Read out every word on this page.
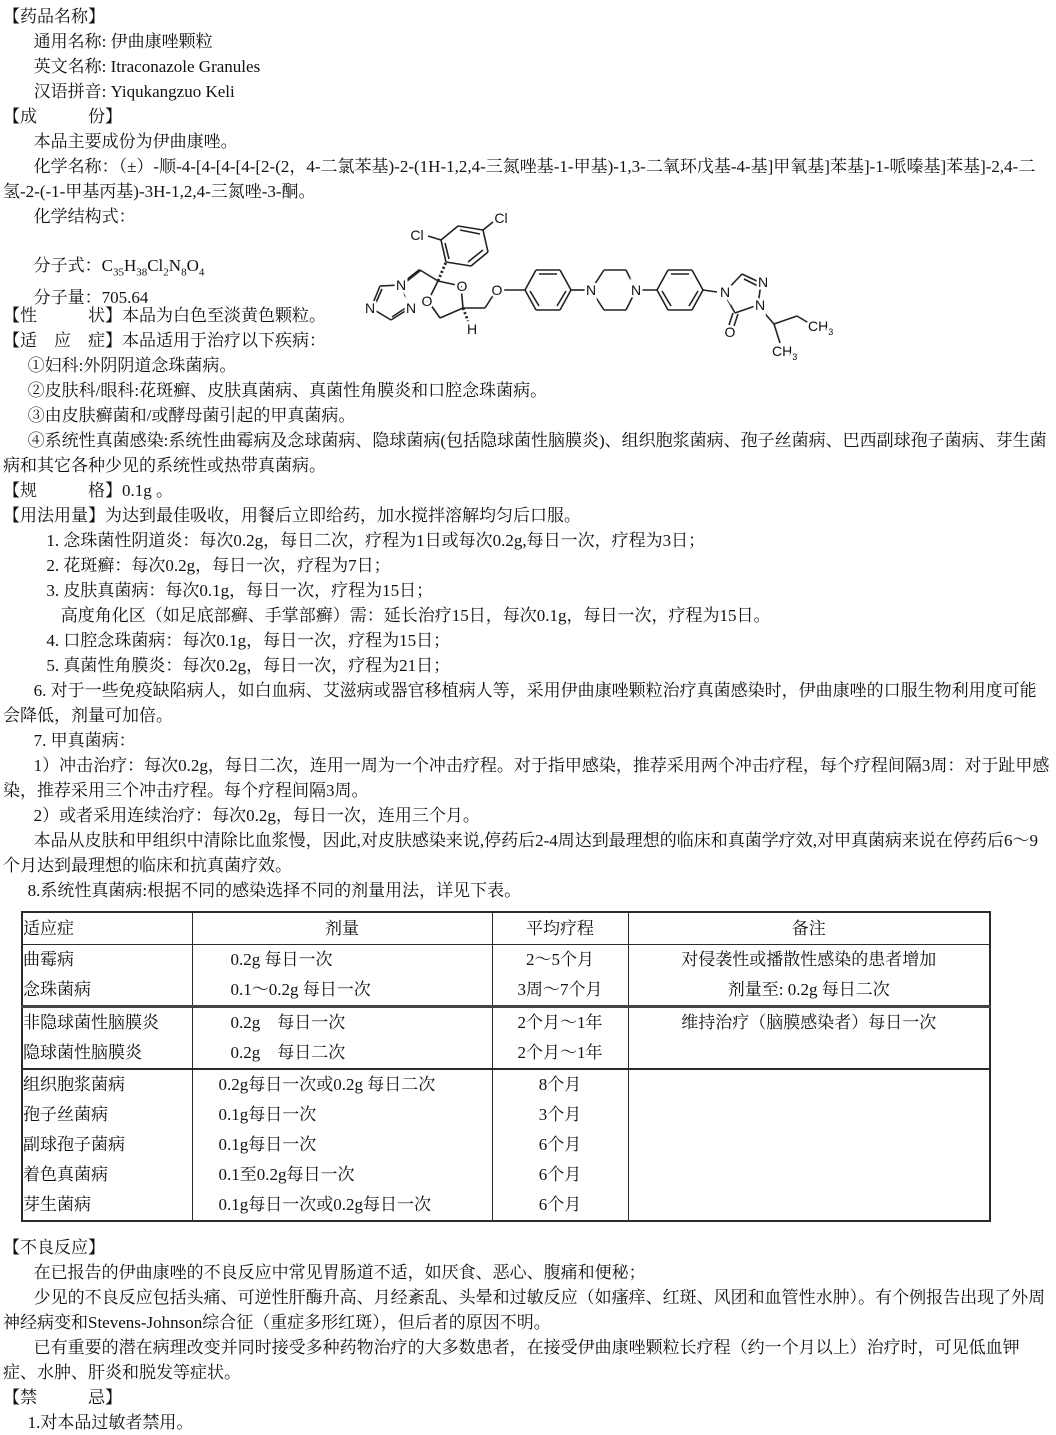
【药品名称】

通用名称: 伊曲康唑颗粒

英文名称: Itraconazole Granules

汉语拼音: Yiqukangzuo Keli

【成　　　份】

本品主要成份为伊曲康唑。

化学名称：（±）-顺-4-[4-[4-[4-[2-(2，4-二氯苯基)-2-(1H-1,2,4-三氮唑基-1-甲基)-1,3-二氧环戊基-4-基]甲氧基]苯基]-1-哌嗪基]苯基]-2,4-二氢-2-(-1-甲基丙基)-3H-1,2,4-三氮唑-3-酮。

化学结构式：

N
N
N
O
O
O
H
Cl
Cl
N N	N
N
N
O
$CH_3$
$CH_3$

分子式：$C_{35}H_{38}Cl_2N_8O_4$

分子量：705.64

【性　　　状】本品为白色至淡黄色颗粒。

【适　应　症】本品适用于治疗以下疾病：

①妇科:外阴阴道念珠菌病。

②皮肤科/眼科:花斑癣、皮肤真菌病、真菌性角膜炎和口腔念珠菌病。

③由皮肤癣菌和/或酵母菌引起的甲真菌病。

④系统性真菌感染:系统性曲霉病及念球菌病、隐球菌病(包括隐球菌性脑膜炎)、组织胞浆菌病、孢子丝菌病、巴西副球孢子菌病、芽生菌病和其它各种少见的系统性或热带真菌病。

【规　　　格】0.1g 。

【用法用量】为达到最佳吸收，用餐后立即给药，加水搅拌溶解均匀后口服。

1. 念珠菌性阴道炎：每次0.2g，每日二次，疗程为1日或每次0.2g,每日一次，疗程为3日；

2. 花斑癣：每次0.2g，每日一次，疗程为7日；

3. 皮肤真菌病：每次0.1g，每日一次，疗程为15日；

高度角化区（如足底部癣、手掌部癣）需：延长治疗15日，每次0.1g，每日一次，疗程为15日。

4. 口腔念珠菌病：每次0.1g，每日一次，疗程为15日；

5. 真菌性角膜炎：每次0.2g，每日一次，疗程为21日；

6. 对于一些免疫缺陷病人，如白血病、艾滋病或器官移植病人等，采用伊曲康唑颗粒治疗真菌感染时，伊曲康唑的口服生物利用度可能会降低，剂量可加倍。

7. 甲真菌病：

1）冲击治疗：每次0.2g，每日二次，连用一周为一个冲击疗程。对于指甲感染，推荐采用两个冲击疗程，每个疗程间隔3周：对于趾甲感染，推荐采用三个冲击疗程。每个疗程间隔3周。

2）或者采用连续治疗：每次0.2g，每日一次，连用三个月。

本品从皮肤和甲组织中清除比血浆慢，因此,对皮肤感染来说,停药后2-4周达到最理想的临床和真菌学疗效,对甲真菌病来说在停药后6～9个月达到最理想的临床和抗真菌疗效。

8.系统性真菌病:根据不同的感染选择不同的剂量用法，详见下表。

适应症	剂量	平均疗程	备注
曲霉病	0.2g 每日一次	2～5个月	对侵袭性或播散性感染的患者增加
念珠菌病	0.1～0.2g 每日一次	3周～7个月	剂量至: 0.2g 每日二次
非隐球菌性脑膜炎	0.2g　每日一次	2个月～1年	维持治疗（脑膜感染者）每日一次
隐球菌性脑膜炎	0.2g　每日二次	2个月～1年	
组织胞浆菌病	0.2g每日一次或0.2g 每日二次	8个月	
孢子丝菌病	0.1g每日一次	3个月	
副球孢子菌病	0.1g每日一次	6个月	
着色真菌病	0.1至0.2g每日一次	6个月	
芽生菌病	0.1g每日一次或0.2g每日一次	6个月	

【不良反应】

在已报告的伊曲康唑的不良反应中常见胃肠道不适，如厌食、恶心、腹痛和便秘；

少见的不良反应包括头痛、可逆性肝酶升高、月经紊乱、头晕和过敏反应（如瘙痒、红斑、风团和血管性水肿）。有个例报告出现了外周神经病变和Stevens-Johnson综合征（重症多形红斑），但后者的原因不明。

已有重要的潜在病理改变并同时接受多种药物治疗的大多数患者，在接受伊曲康唑颗粒长疗程（约一个月以上）治疗时，可见低血钾症、水肿、肝炎和脱发等症状。

【禁　　　忌】

1.对本品过敏者禁用。
